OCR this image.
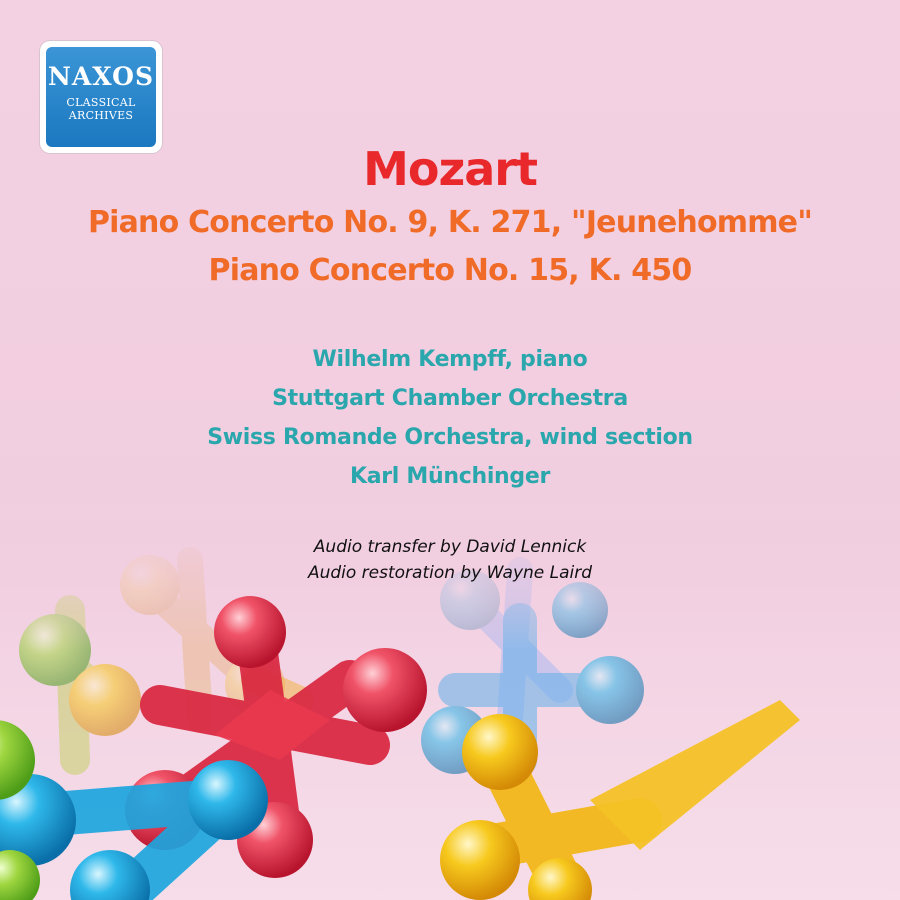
NAXOS
CLASSICAL
ARCHIVES
Mozart
Piano Concerto No. 9, K. 271, "Jeunehomme"
Piano Concerto No. 15, K. 450
Wilhelm Kempff, piano
Stuttgart Chamber Orchestra
Swiss Romande Orchestra, wind section
Karl Münchinger
Audio transfer by David Lennick
Audio restoration by Wayne Laird
